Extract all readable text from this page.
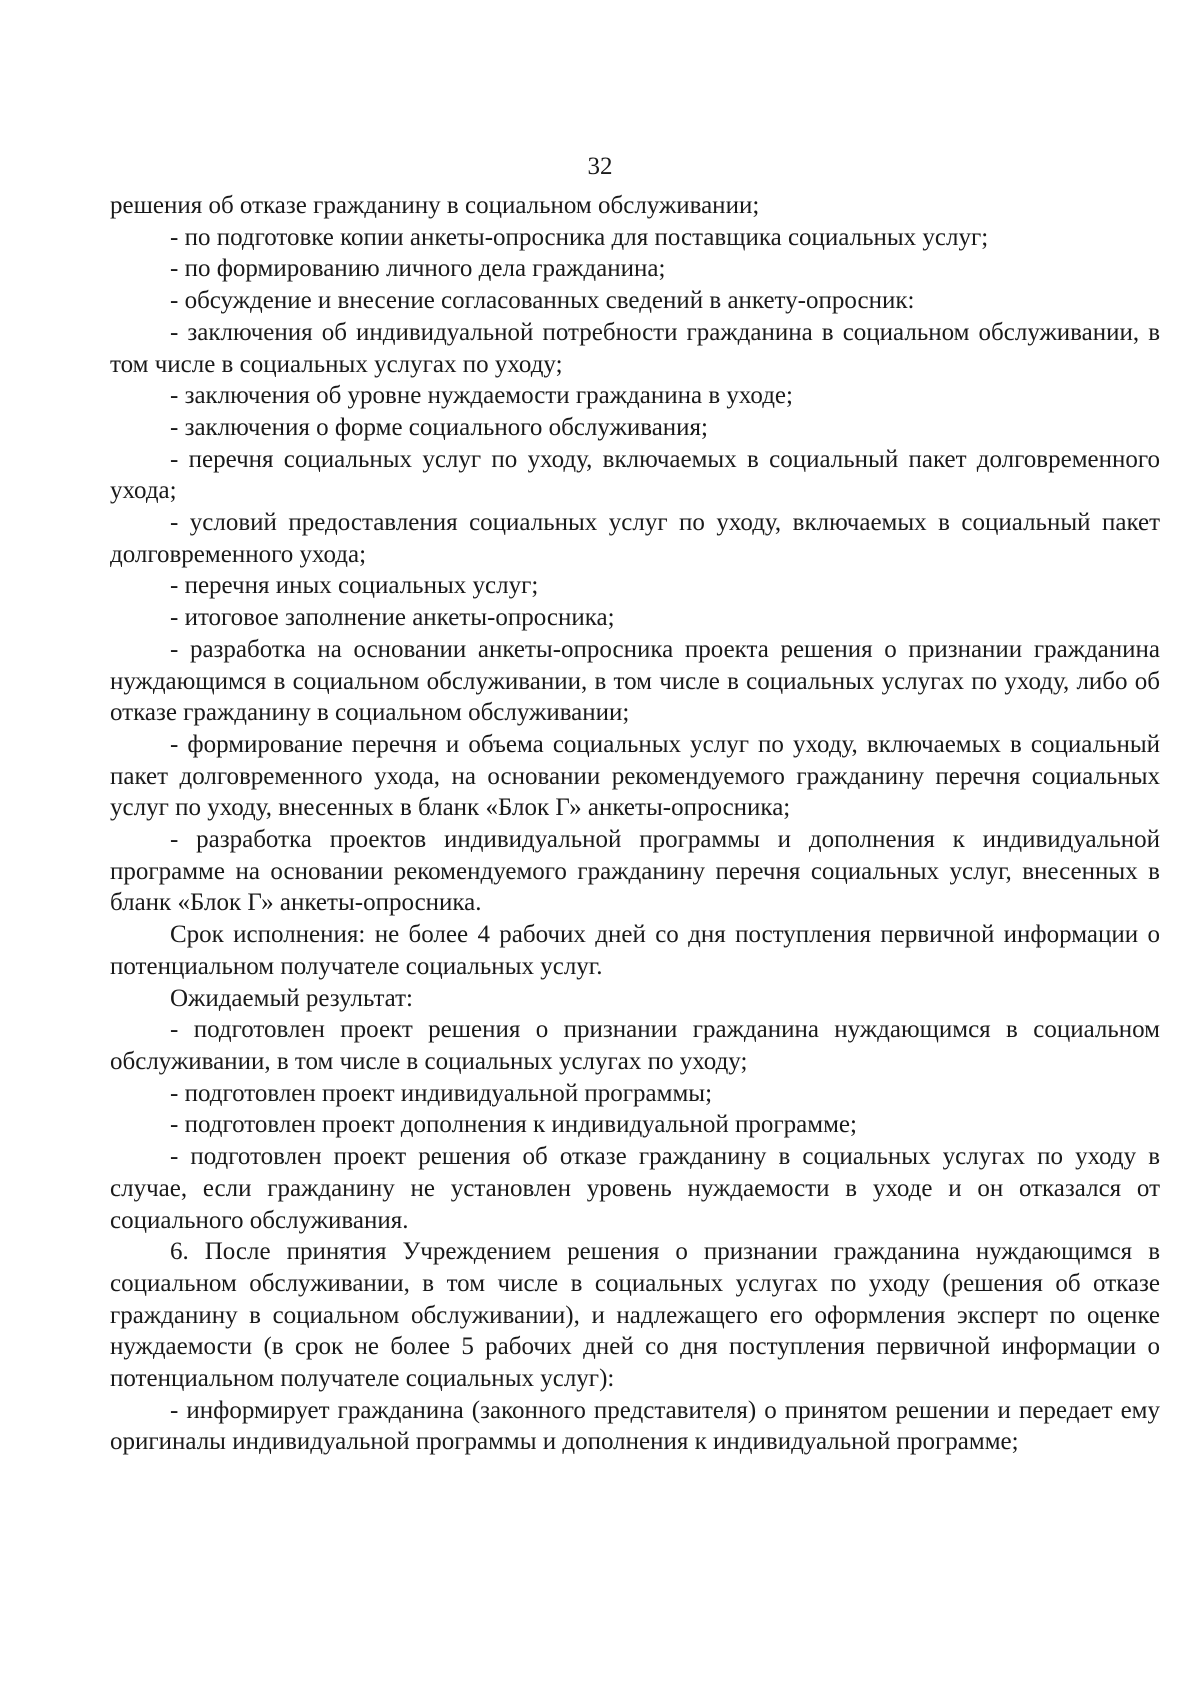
32

решения об отказе гражданину в социальном обслуживании;

- по подготовке копии анкеты-опросника для поставщика социальных услуг;

- по формированию личного дела гражданина;

- обсуждение и внесение согласованных сведений в анкету-опросник:

- заключения об индивидуальной потребности гражданина в социальном обслуживании, в том числе в социальных услугах по уходу;

- заключения об уровне нуждаемости гражданина в уходе;

- заключения о форме социального обслуживания;

- перечня социальных услуг по уходу, включаемых в социальный пакет долговременного ухода;

- условий предоставления социальных услуг по уходу, включаемых в социальный пакет долговременного ухода;

- перечня иных социальных услуг;

- итоговое заполнение анкеты-опросника;

- разработка на основании анкеты-опросника проекта решения о признании гражданина нуждающимся в социальном обслуживании, в том числе в социальных услугах по уходу, либо об отказе гражданину в социальном обслуживании;

- формирование перечня и объема социальных услуг по уходу, включаемых в социальный пакет долговременного ухода, на основании рекомендуемого гражданину перечня социальных услуг по уходу, внесенных в бланк «Блок Г» анкеты-опросника;

- разработка проектов индивидуальной программы и дополнения к индивидуальной программе на основании рекомендуемого гражданину перечня социальных услуг, внесенных в бланк «Блок Г» анкеты-опросника.

Срок исполнения: не более 4 рабочих дней со дня поступления первичной информации о потенциальном получателе социальных услуг.

Ожидаемый результат:

- подготовлен проект решения о признании гражданина нуждающимся в социальном обслуживании, в том числе в социальных услугах по уходу;

- подготовлен проект индивидуальной программы;

- подготовлен проект дополнения к индивидуальной программе;

- подготовлен проект решения об отказе гражданину в социальных услугах по уходу в случае, если гражданину не установлен уровень нуждаемости в уходе и он отказался от социального обслуживания.

6. После принятия Учреждением решения о признании гражданина нуждающимся в социальном обслуживании, в том числе в социальных услугах по уходу (решения об отказе гражданину в социальном обслуживании), и надлежащего его оформления эксперт по оценке нуждаемости (в срок не более 5 рабочих дней со дня поступления первичной информации о потенциальном получателе социальных услуг):

- информирует гражданина (законного представителя) о принятом решении и передает ему оригиналы индивидуальной программы и дополнения к индивидуальной программе;
